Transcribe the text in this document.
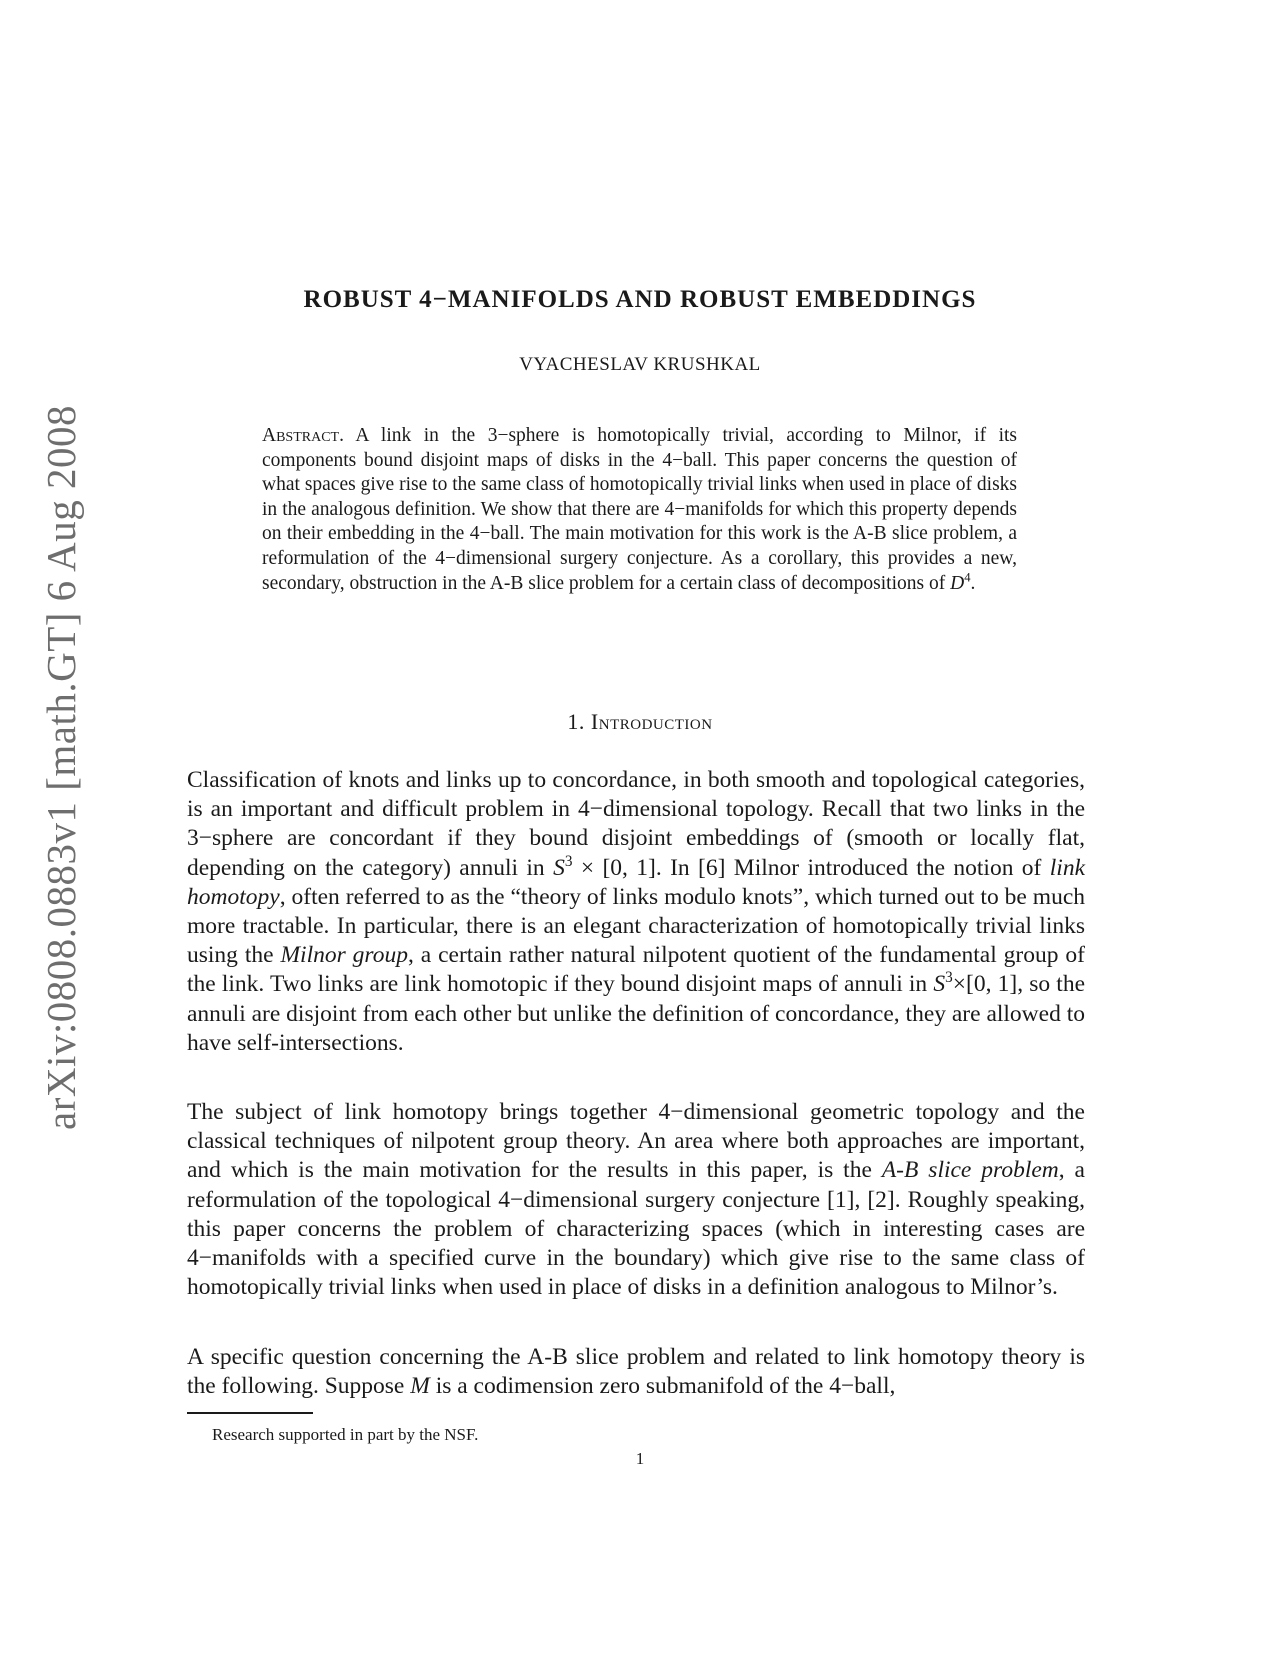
arXiv:0808.0883v1 [math.GT] 6 Aug 2008
ROBUST 4−MANIFOLDS AND ROBUST EMBEDDINGS
VYACHESLAV KRUSHKAL

Abstract. A link in the 3−sphere is homotopically trivial, according to Milnor, if its components bound disjoint maps of disks in the 4−ball. This paper concerns the question of what spaces give rise to the same class of homotopically trivial links when used in place of disks in the analogous definition. We show that there are 4−manifolds for which this property depends on their embedding in the 4−ball. The main motivation for this work is the A-B slice problem, a reformulation of the 4−dimensional surgery conjecture. As a corollary, this provides a new, secondary, obstruction in the A-B slice problem for a certain class of decompositions of $D^4$.

1. Introduction

Classification of knots and links up to concordance, in both smooth and topological categories, is an important and difficult problem in 4−dimensional topology. Recall that two links in the 3−sphere are concordant if they bound disjoint embeddings of (smooth or locally flat, depending on the category) annuli in $S^3 \times [0$, 1]. In [6] Milnor introduced the notion of link homotopy, often referred to as the “theory of links modulo knots”, which turned out to be much more tractable. In particular, there is an elegant characterization of homotopically trivial links using the Milnor group, a certain rather natural nilpotent quotient of the fundamental group of the link. Two links are link homotopic if they bound disjoint maps of annuli in $S^3\times[0$, 1], so the annuli are disjoint from each other but unlike the definition of concordance, they are allowed to have self-intersections.

The subject of link homotopy brings together 4−dimensional geometric topology and the classical techniques of nilpotent group theory. An area where both approaches are important, and which is the main motivation for the results in this paper, is the A-B slice problem, a reformulation of the topological 4−dimensional surgery conjecture [1], [2]. Roughly speaking, this paper concerns the problem of characterizing spaces (which in interesting cases are 4−manifolds with a specified curve in the boundary) which give rise to the same class of homotopically trivial links when used in place of disks in a definition analogous to Milnor’s.

A specific question concerning the A-B slice problem and related to link homotopy theory is the following. Suppose M is a codimension zero submanifold of the 4−ball,

Research supported in part by the NSF.
1
